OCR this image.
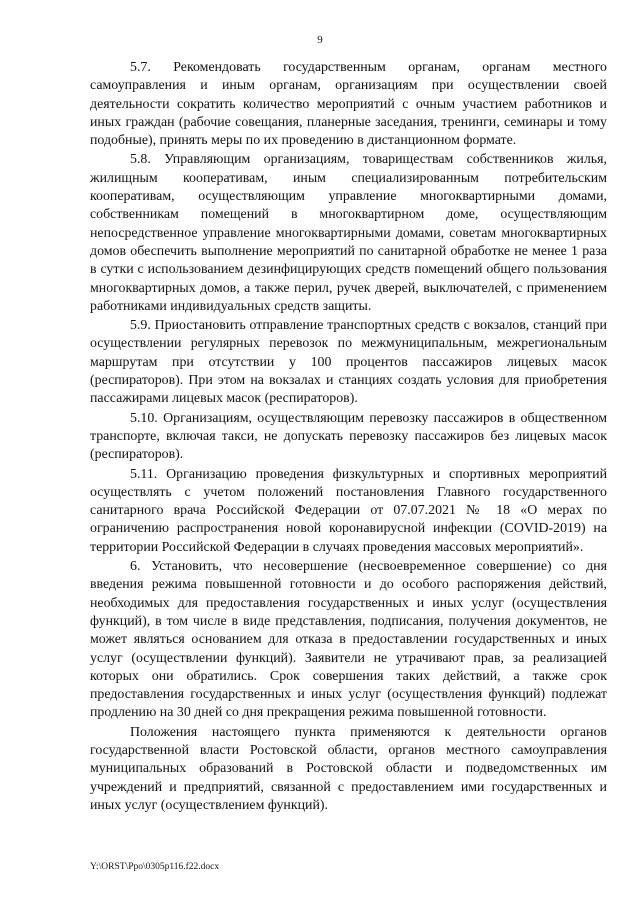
9

5.7. Рекомендовать государственным органам, органам местного самоуправления и иным органам, организациям при осуществлении своей деятельности сократить количество мероприятий с очным участием работников и иных граждан (рабочие совещания, планерные заседания, тренинги, семинары и тому подобные), принять меры по их проведению в дистанционном формате.

5.8. Управляющим организациям, товариществам собственников жилья, жилищным кооперативам, иным специализированным потребительским кооперативам, осуществляющим управление многоквартирными домами, собственникам помещений в многоквартирном доме, осуществляющим непосредственное управление многоквартирными домами, советам многоквартирных домов обеспечить выполнение мероприятий по санитарной обработке не менее 1 раза в сутки с использованием дезинфицирующих средств помещений общего пользования многоквартирных домов, а также перил, ручек дверей, выключателей, с применением работниками индивидуальных средств защиты.

5.9. Приостановить отправление транспортных средств с вокзалов, станций при осуществлении регулярных перевозок по межмуниципальным, межрегиональным маршрутам при отсутствии у 100 процентов пассажиров лицевых масок (респираторов). При этом на вокзалах и станциях создать условия для приобретения пассажирами лицевых масок (респираторов).

5.10. Организациям, осуществляющим перевозку пассажиров в общественном транспорте, включая такси, не допускать перевозку пассажиров без лицевых масок (респираторов).

5.11. Организацию проведения физкультурных и спортивных мероприятий осуществлять с учетом положений постановления Главного государственного санитарного врача Российской Федерации от 07.07.2021 № 18 «О мерах по ограничению распространения новой коронавирусной инфекции (COVID-2019) на территории Российской Федерации в случаях проведения массовых мероприятий».

6. Установить, что несовершение (несвоевременное совершение) со дня введения режима повышенной готовности и до особого распоряжения действий, необходимых для предоставления государственных и иных услуг (осуществления функций), в том числе в виде представления, подписания, получения документов, не может являться основанием для отказа в предоставлении государственных и иных услуг (осуществлении функций). Заявители не утрачивают прав, за реализацией которых они обратились. Срок совершения таких действий, а также срок предоставления государственных и иных услуг (осуществления функций) подлежат продлению на 30 дней со дня прекращения режима повышенной готовности.

Положения настоящего пункта применяются к деятельности органов государственной власти Ростовской области, органов местного самоуправления муниципальных образований в Ростовской области и подведомственных им учреждений и предприятий, связанной с предоставлением ими государственных и иных услуг (осуществлением функций).

Y:\ORST\Ppo\0305p116.f22.docx
